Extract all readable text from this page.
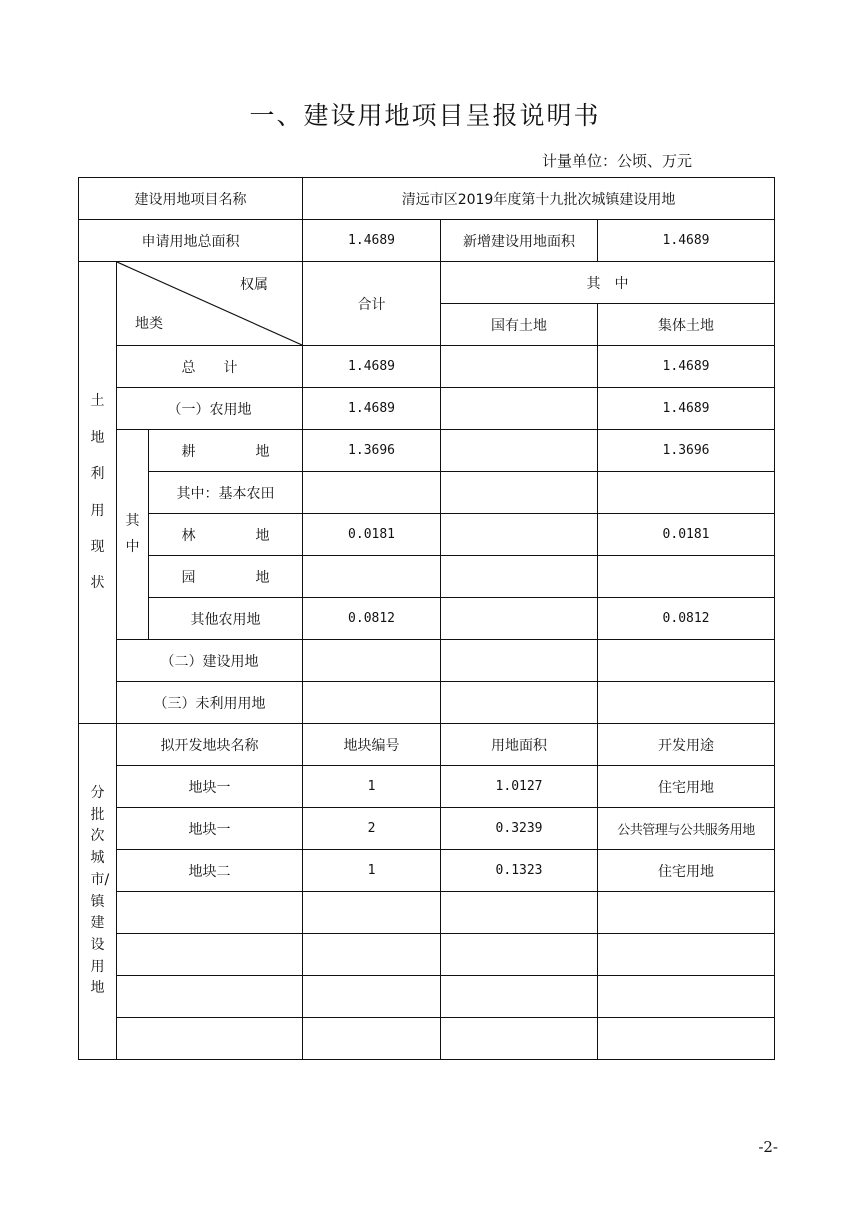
一、建设用地项目呈报说明书
计量单位：公顷、万元
建设用地项目名称			清远市区2019年度第十九批次城镇建设用地		
申请用地总面积			1.4689	新增建设用地面积	1.4689
土地利用现状	权属
地类		合计	其　中	
				国有土地	集体土地
	总　　计		1.4689		1.4689
	（一）农用地		1.4689		1.4689
	其中	耕 地	1.3696		1.3696
		其中：基本农田			
		林 地	0.0181		0.0181
		园 地			
		其他农用地	0.0812		0.0812
	（二）建设用地				
	（三）未利用用地				
分批次城市/镇建设用地	拟开发地块名称		地块编号	用地面积	开发用途
	地块一		1	1.0127	住宅用地
	地块一		2	0.3239	公共管理与公共服务用地
	地块二		1	0.1323	住宅用地

-2-
